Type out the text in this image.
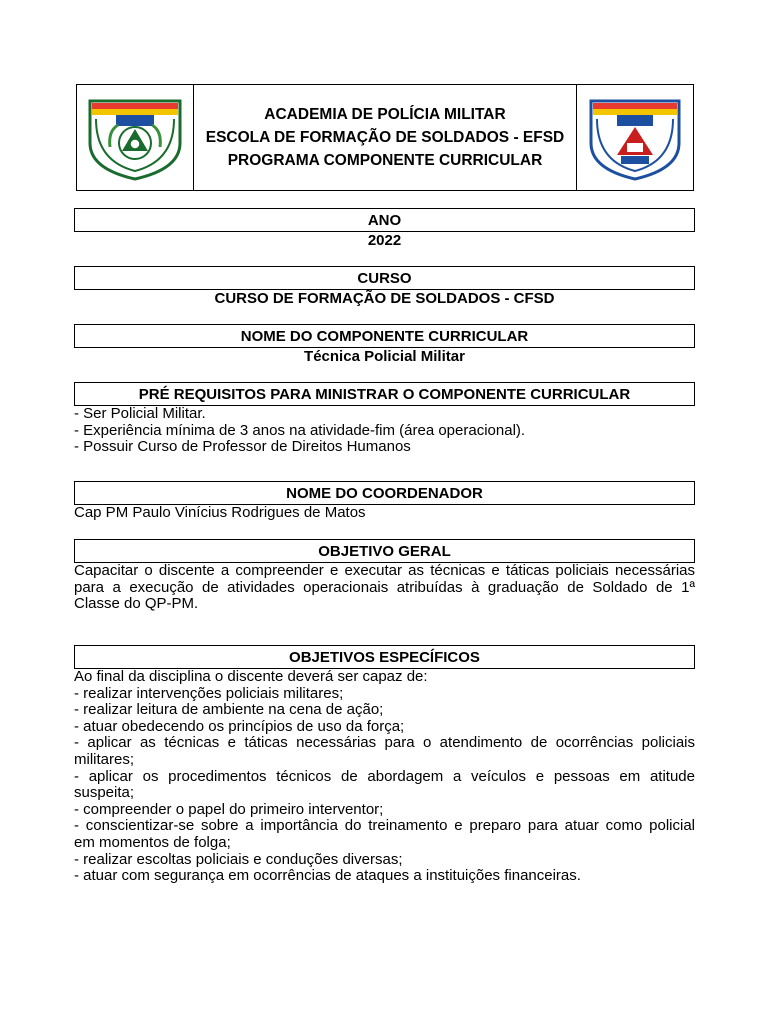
ACADEMIA DE POLÍCIA MILITAR
ESCOLA DE FORMAÇÃO DE SOLDADOS - EFSD
PROGRAMA COMPONENTE CURRICULAR
ANO
2022
CURSO
CURSO DE FORMAÇÃO DE SOLDADOS - CFSD
NOME DO COMPONENTE CURRICULAR
Técnica Policial Militar
PRÉ REQUISITOS PARA MINISTRAR O COMPONENTE CURRICULAR
- Ser Policial Militar.
- Experiência mínima de 3 anos na atividade-fim (área operacional).
- Possuir Curso de Professor de Direitos Humanos
NOME DO COORDENADOR
Cap PM Paulo Vinícius Rodrigues de Matos
OBJETIVO GERAL
Capacitar o discente a compreender e executar as técnicas e táticas policiais necessárias
para a execução de atividades operacionais atribuídas à graduação de Soldado de 1ª
Classe do QP-PM.
OBJETIVOS ESPECÍFICOS
Ao final da disciplina o discente deverá ser capaz de:
- realizar intervenções policiais militares;
- realizar leitura de ambiente na cena de ação;
- atuar obedecendo os princípios de uso da força;
- aplicar as técnicas e táticas necessárias para o atendimento de ocorrências policiais
militares;
- aplicar os procedimentos técnicos de abordagem a veículos e pessoas em atitude
suspeita;
- compreender o papel do primeiro interventor;
- conscientizar-se sobre a importância do treinamento e preparo para atuar como policial
em momentos de folga;
- realizar escoltas policiais e conduções diversas;
- atuar com segurança em ocorrências de ataques a instituições financeiras.
